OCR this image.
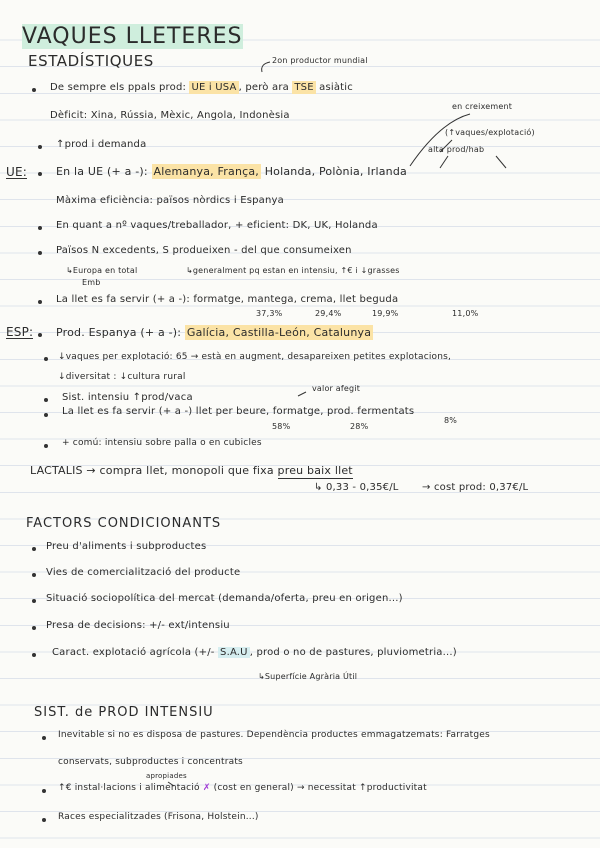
VAQUES LLETERES
ESTADÍSTIQUES	2on productor mundial
De sempre els ppals prod: UE i USA , però ara TSE asiàtic
Dèficit: Xina, Rússia, Mèxic, Angola, Indonèsia
en creixement
↑prod i demanda
(↑vaques/explotació)
alta prod/hab
UE:	En la UE (+ a -): Alemanya, França, Holanda, Polònia, Irlanda
Màxima eficiència: països nòrdics i Espanya
En quant a nº vaques/treballador, + eficient: DK, UK, Holanda
Països N excedents, S produeixen - del que consumeixen
↳Europa en total
Emb
↳generalment pq estan en intensiu, ↑€ i ↓grasses
La llet es fa servir (+ a -): formatge, mantega, crema, llet beguda
37,3%	29,4%	19,9%	11,0%
ESP: Prod. Espanya (+ a -): Galícia, Castilla-León, Catalunya
↓vaques per explotació: 65 → està en augment, desapareixen petites explotacions,
↓diversitat : ↓cultura rural
Sist. intensiu ↑prod/vaca
valor afegit
La llet es fa servir (+ a -) llet per beure, formatge, prod. fermentats
58%	28%
8%
+ comú: intensiu sobre palla o en cubicles
LACTALIS → compra llet, monopoli que fixa preu baix llet
↳ 0,33 - 0,35€/L → cost prod: 0,37€/L
FACTORS CONDICIONANTS
Preu d'aliments i subproductes
Vies de comercialització del producte
Situació sociopolítica del mercat (demanda/oferta, preu en origen...)
Presa de decisions: +/- ext/intensiu
Caract. explotació agrícola (+/- S.A.U , prod o no de pastures, pluviometria...)
↳Superfície Agrària Útil
SIST. de PROD INTENSIU
Inevitable si no es disposa de pastures. Dependència productes emmagatzemats: Farratges
conservats, subproductes i concentrats
apropiades
↑€ instal·lacions i alimentació ✗ (cost en general) → necessitat ↑productivitat
Races especialitzades (Frisona, Holstein...)
